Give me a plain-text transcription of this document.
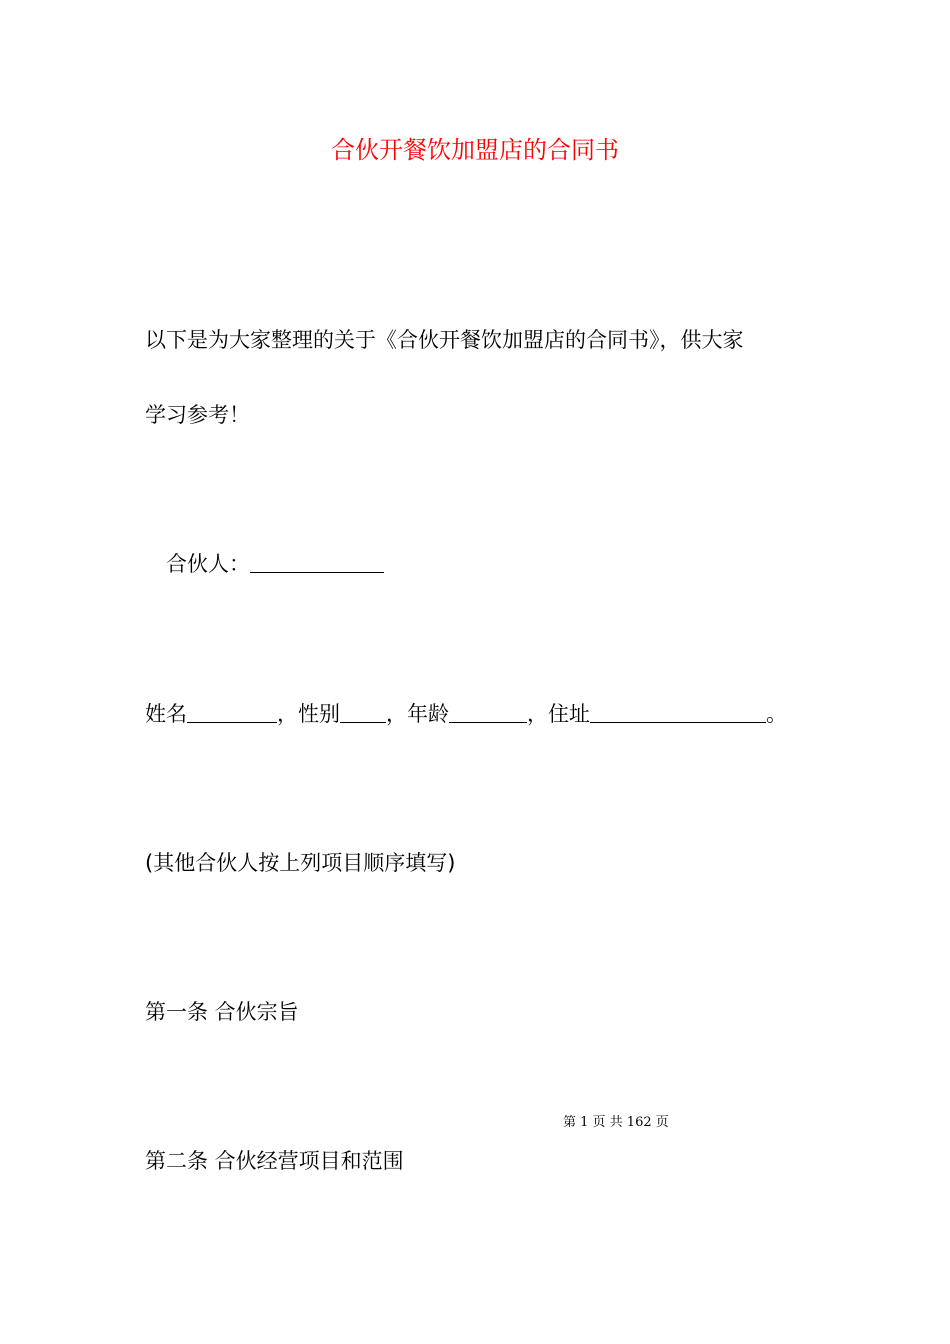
合伙开餐饮加盟店的合同书
以下是为大家整理的关于《合伙开餐饮加盟店的合同书》，供大家
学习参考！
合伙人：
姓名	，性别 ，年龄	，住址	。
(其他合伙人按上列项目顺序填写)
第一条 合伙宗旨
第 1 页 共 162 页
第二条 合伙经营项目和范围
